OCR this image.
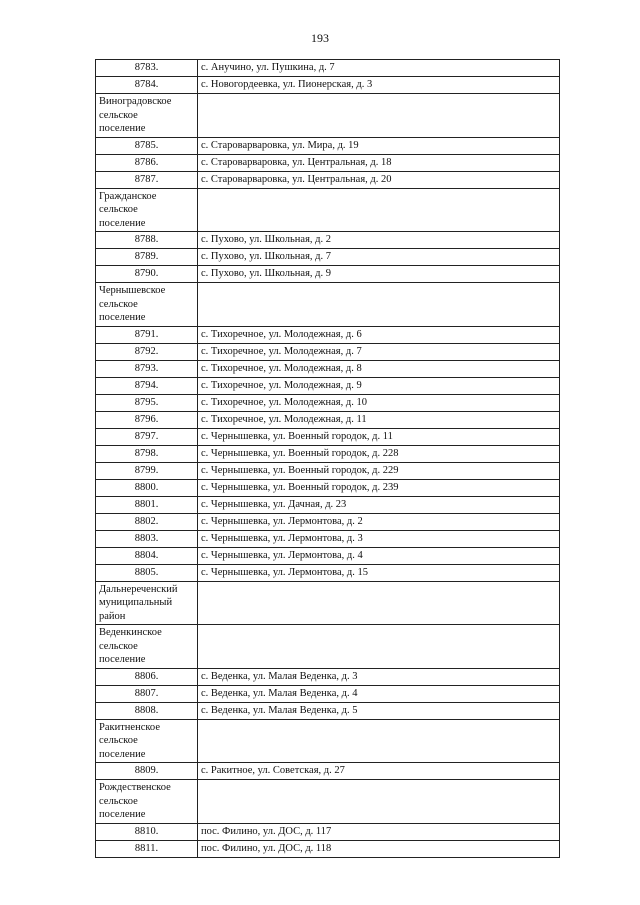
193
8783.	с. Анучино, ул. Пушкина, д. 7
8784.	с. Новогордеевка, ул. Пионерская, д. 3

Виноградовское
сельское
поселение	

8785.	с. Староварваровка, ул. Мира, д. 19
8786.	с. Староварваровка, ул. Центральная, д. 18
8787.	с. Староварваровка, ул. Центральная, д. 20

Гражданское
сельское
поселение	

8788.	с. Пухово, ул. Школьная, д. 2
8789.	с. Пухово, ул. Школьная, д. 7
8790.	с. Пухово, ул. Школьная, д. 9

Чернышевское
сельское
поселение	

8791.	с. Тихоречное, ул. Молодежная, д. 6
8792.	с. Тихоречное, ул. Молодежная, д. 7
8793.	с. Тихоречное, ул. Молодежная, д. 8
8794.	с. Тихоречное, ул. Молодежная, д. 9
8795.	с. Тихоречное, ул. Молодежная, д. 10
8796.	с. Тихоречное, ул. Молодежная, д. 11
8797.	с. Чернышевка, ул. Военный городок, д. 11
8798.	с. Чернышевка, ул. Военный городок, д. 228
8799.	с. Чернышевка, ул. Военный городок, д. 229
8800.	с. Чернышевка, ул. Военный городок, д. 239
8801.	с. Чернышевка, ул. Дачная, д. 23
8802.	с. Чернышевка, ул. Лермонтова, д. 2
8803.	с. Чернышевка, ул. Лермонтова, д. 3
8804.	с. Чернышевка, ул. Лермонтова, д. 4
8805.	с. Чернышевка, ул. Лермонтова, д. 15

Дальнереченский
муниципальный
район	

Веденкинское
сельское
поселение	

8806.	с. Веденка, ул. Малая Веденка, д. 3
8807.	с. Веденка, ул. Малая Веденка, д. 4
8808.	с. Веденка, ул. Малая Веденка, д. 5

Ракитненское
сельское
поселение	

8809.	с. Ракитное, ул. Советская, д. 27

Рождественское
сельское
поселение	

8810.	пос. Филино, ул. ДОС, д. 117
8811.	пос. Филино, ул. ДОС, д. 118
